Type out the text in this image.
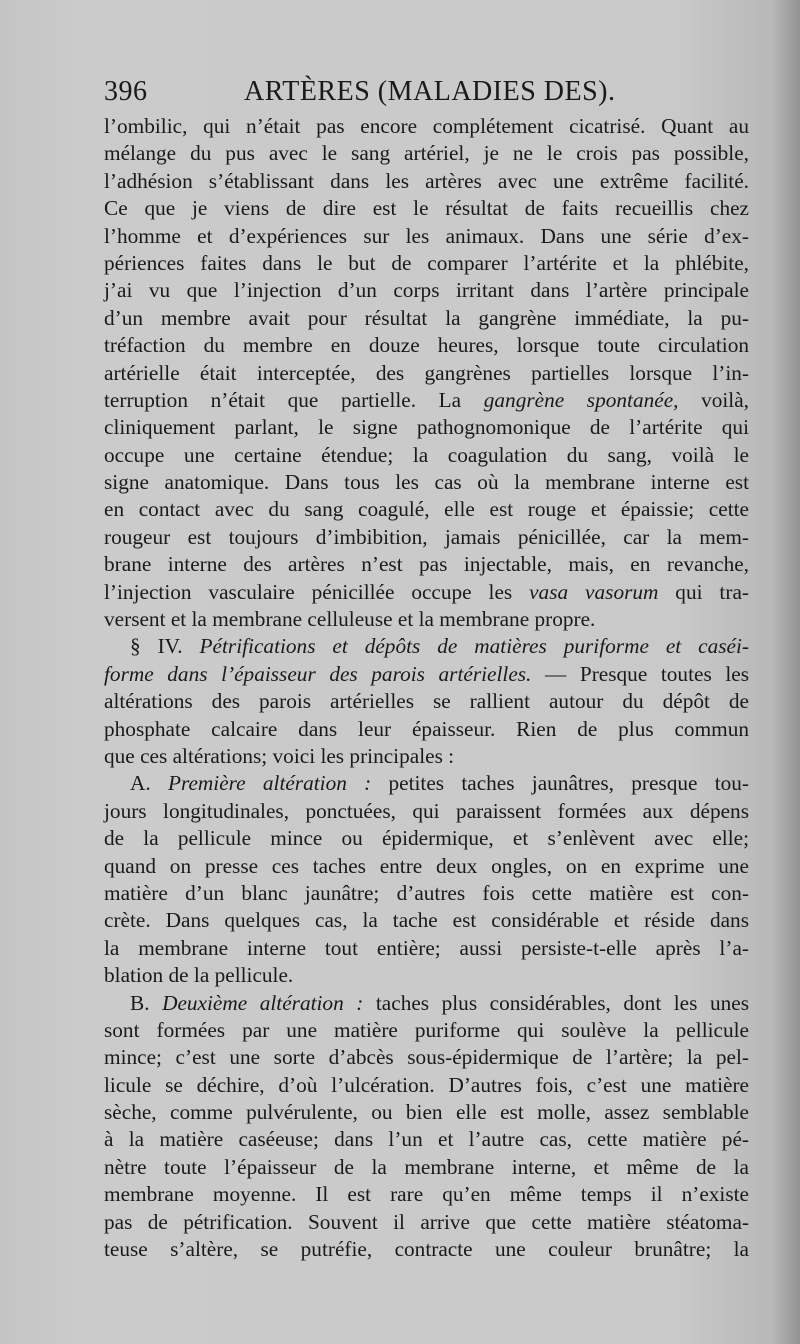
396	ARTÈRES (MALADIES DES).
l’ombilic, qui n’était pas encore complétement cicatrisé. Quant au
mélange du pus avec le sang artériel, je ne le crois pas possible,
l’adhésion s’établissant dans les artères avec une extrême facilité.
Ce que je viens de dire est le résultat de faits recueillis chez
l’homme et d’expériences sur les animaux. Dans une série d’ex-
périences faites dans le but de comparer l’artérite et la phlébite,
j’ai vu que l’injection d’un corps irritant dans l’artère principale
d’un membre avait pour résultat la gangrène immédiate, la pu-
tréfaction du membre en douze heures, lorsque toute circulation
artérielle était interceptée, des gangrènes partielles lorsque l’in-
terruption n’était que partielle. La gangrène spontanée, voilà,
cliniquement parlant, le signe pathognomonique de l’artérite qui
occupe une certaine étendue; la coagulation du sang, voilà le
signe anatomique. Dans tous les cas où la membrane interne est
en contact avec du sang coagulé, elle est rouge et épaissie; cette
rougeur est toujours d’imbibition, jamais pénicillée, car la mem-
brane interne des artères n’est pas injectable, mais, en revanche,
l’injection vasculaire pénicillée occupe les vasa vasorum qui tra-
versent et la membrane celluleuse et la membrane propre.
§ IV. Pétrifications et dépôts de matières puriforme et caséi-
forme dans l’épaisseur des parois artérielles. — Presque toutes les
altérations des parois artérielles se rallient autour du dépôt de
phosphate calcaire dans leur épaisseur. Rien de plus commun
que ces altérations; voici les principales :
A. Première altération : petites taches jaunâtres, presque tou-
jours longitudinales, ponctuées, qui paraissent formées aux dépens
de la pellicule mince ou épidermique, et s’enlèvent avec elle;
quand on presse ces taches entre deux ongles, on en exprime une
matière d’un blanc jaunâtre; d’autres fois cette matière est con-
crète. Dans quelques cas, la tache est considérable et réside dans
la membrane interne tout entière; aussi persiste-t-elle après l’a-
blation de la pellicule.
B. Deuxième altération : taches plus considérables, dont les unes
sont formées par une matière puriforme qui soulève la pellicule
mince; c’est une sorte d’abcès sous-épidermique de l’artère; la pel-
licule se déchire, d’où l’ulcération. D’autres fois, c’est une matière
sèche, comme pulvérulente, ou bien elle est molle, assez semblable
à la matière caséeuse; dans l’un et l’autre cas, cette matière pé-
nètre toute l’épaisseur de la membrane interne, et même de la
membrane moyenne. Il est rare qu’en même temps il n’existe
pas de pétrification. Souvent il arrive que cette matière stéatoma-
teuse s’altère, se putréfie, contracte une couleur brunâtre; la
